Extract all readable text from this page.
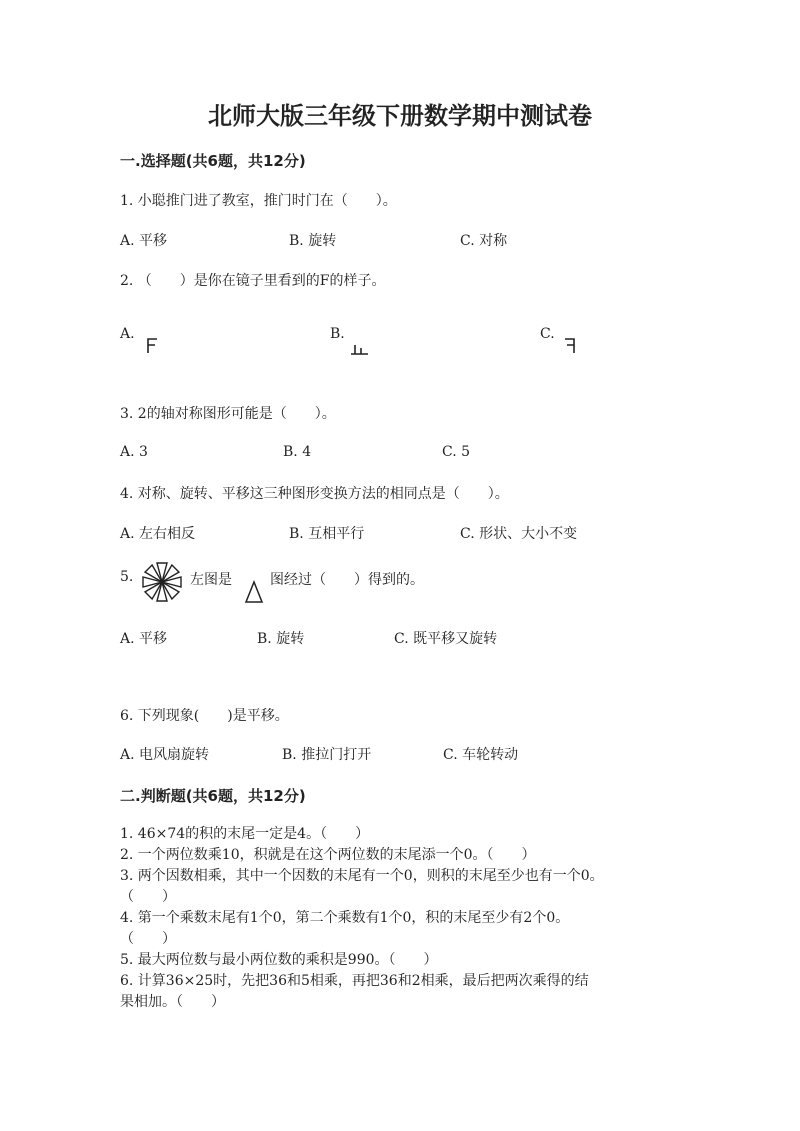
北师大版三年级下册数学期中测试卷
一.选择题(共6题，共12分)
1. 小聪推门进了教室，推门时门在（　　）。
A. 平移	B. 旋转	C. 对称
2. （　　）是你在镜子里看到的F的样子。
A.	B.	C.
3. 2的轴对称图形可能是（　　）。
A. 3	B. 4	C. 5
4. 对称、旋转、平移这三种图形变换方法的相同点是（　　）。
A. 左右相反	B. 互相平行	C. 形状、大小不变
5.	左图是	图经过（　　）得到的。
A. 平移	B. 旋转	C. 既平移又旋转
6. 下列现象(　　)是平移。
A. 电风扇旋转	B. 推拉门打开	C. 车轮转动
二.判断题(共6题，共12分)
1. 46×74的积的末尾一定是4。（　　）
2. 一个两位数乘10，积就是在这个两位数的末尾添一个0。（　　）
3. 两个因数相乘，其中一个因数的末尾有一个0，则积的末尾至少也有一个0。
（　　）
4. 第一个乘数末尾有1个0，第二个乘数有1个0，积的末尾至少有2个0。
（　　）
5. 最大两位数与最小两位数的乘积是990。（　　）
6. 计算36×25时，先把36和5相乘，再把36和2相乘，最后把两次乘得的结
果相加。（　　）
